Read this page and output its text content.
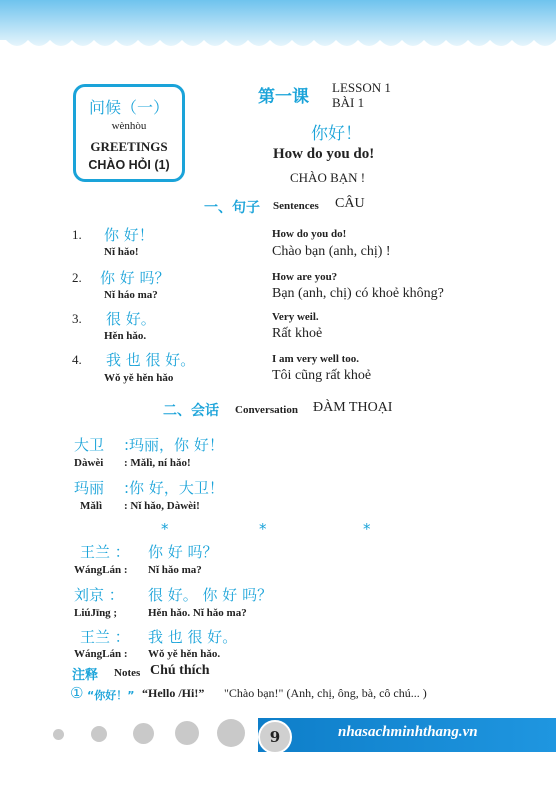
问候（一）
wènhòu
GREETINGS
CHÀO HỎI (1)
第一课 LESSON 1
BÀI 1
你好！
How do you do!
CHÀO BẠN !
一、句子 Sentences CÂU
1. 你 好！
Nǐ hǎo!
How do you do!
Chào bạn (anh, chị) !
2. 你 好 吗？
Nǐ háo ma?
How are you?
Bạn (anh, chị) có khoẻ không?
3. 很 好。
Hěn hǎo.
Very weil.
Rất khoẻ
4. 我 也 很 好。
Wǒ yě hěn hǎo
I am very well too.
Tôi cũng rất khoẻ
二、会话 Conversation ĐÀM THOẠI
大卫 :玛丽，你 好！
Dàwèi : Mǎlì, ní hǎo!
玛丽 :你 好，大卫！
Mǎlì : Nǐ hǎo, Dàwèi!
*	*	*
王兰 ： 你 好 吗？
WángLán : Nǐ hǎo ma?
刘京 ： 很 好。 你 好 吗？
LiúJīng ;	Hěn hǎo. Nǐ hǎo ma?
王兰 ： 我 也 很 好。
WángLán : Wǒ yě hěn hǎo.
注释 Notes Chú thích
① “你好！” “Hello /Hi!” "Chào bạn!" (Anh, chị, ông, bà, cô chú... )
9	nhasachminhthang.vn
